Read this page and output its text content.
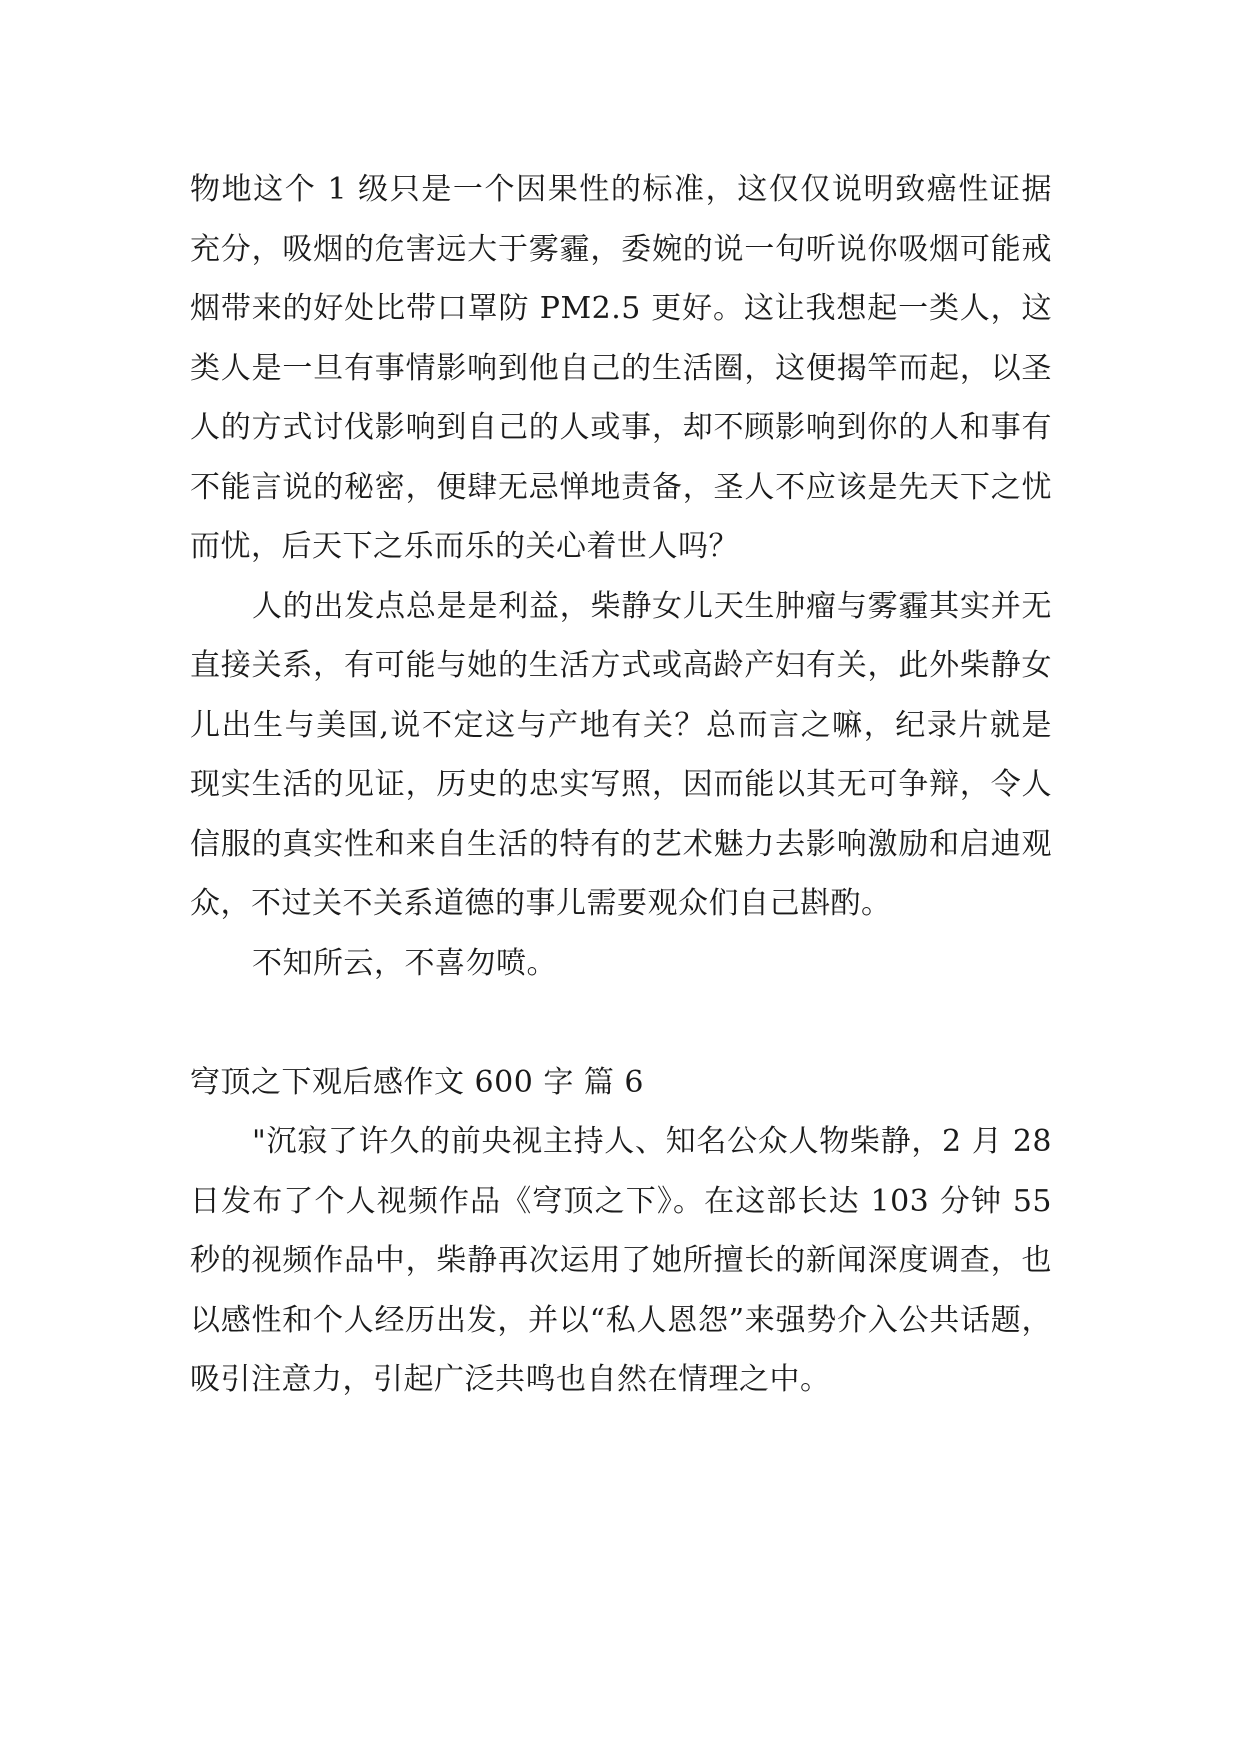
物地这个 1 级只是一个因果性的标准，这仅仅说明致癌性证据充分，吸烟的危害远大于雾霾，委婉的说一句听说你吸烟可能戒烟带来的好处比带口罩防 PM2.5 更好。这让我想起一类人，这类人是一旦有事情影响到他自己的生活圈，这便揭竿而起，以圣人的方式讨伐影响到自己的人或事，却不顾影响到你的人和事有不能言说的秘密，便肆无忌惮地责备，圣人不应该是先天下之忧而忧，后天下之乐而乐的关心着世人吗？

人的出发点总是是利益，柴静女儿天生肿瘤与雾霾其实并无直接关系，有可能与她的生活方式或高龄产妇有关，此外柴静女儿出生与美国,说不定这与产地有关？总而言之嘛，纪录片就是现实生活的见证，历史的忠实写照，因而能以其无可争辩，令人信服的真实性和来自生活的特有的艺术魅力去影响激励和启迪观众，不过关不关系道德的事儿需要观众们自己斟酌。

不知所云，不喜勿喷。

穹顶之下观后感作文 600 字 篇 6

"沉寂了许久的前央视主持人、知名公众人物柴静，2 月 28 日发布了个人视频作品《穹顶之下》。在这部长达 103 分钟 55 秒的视频作品中，柴静再次运用了她所擅长的新闻深度调查，也以感性和个人经历出发，并以“私人恩怨”来强势介入公共话题，吸引注意力，引起广泛共鸣也自然在情理之中。
